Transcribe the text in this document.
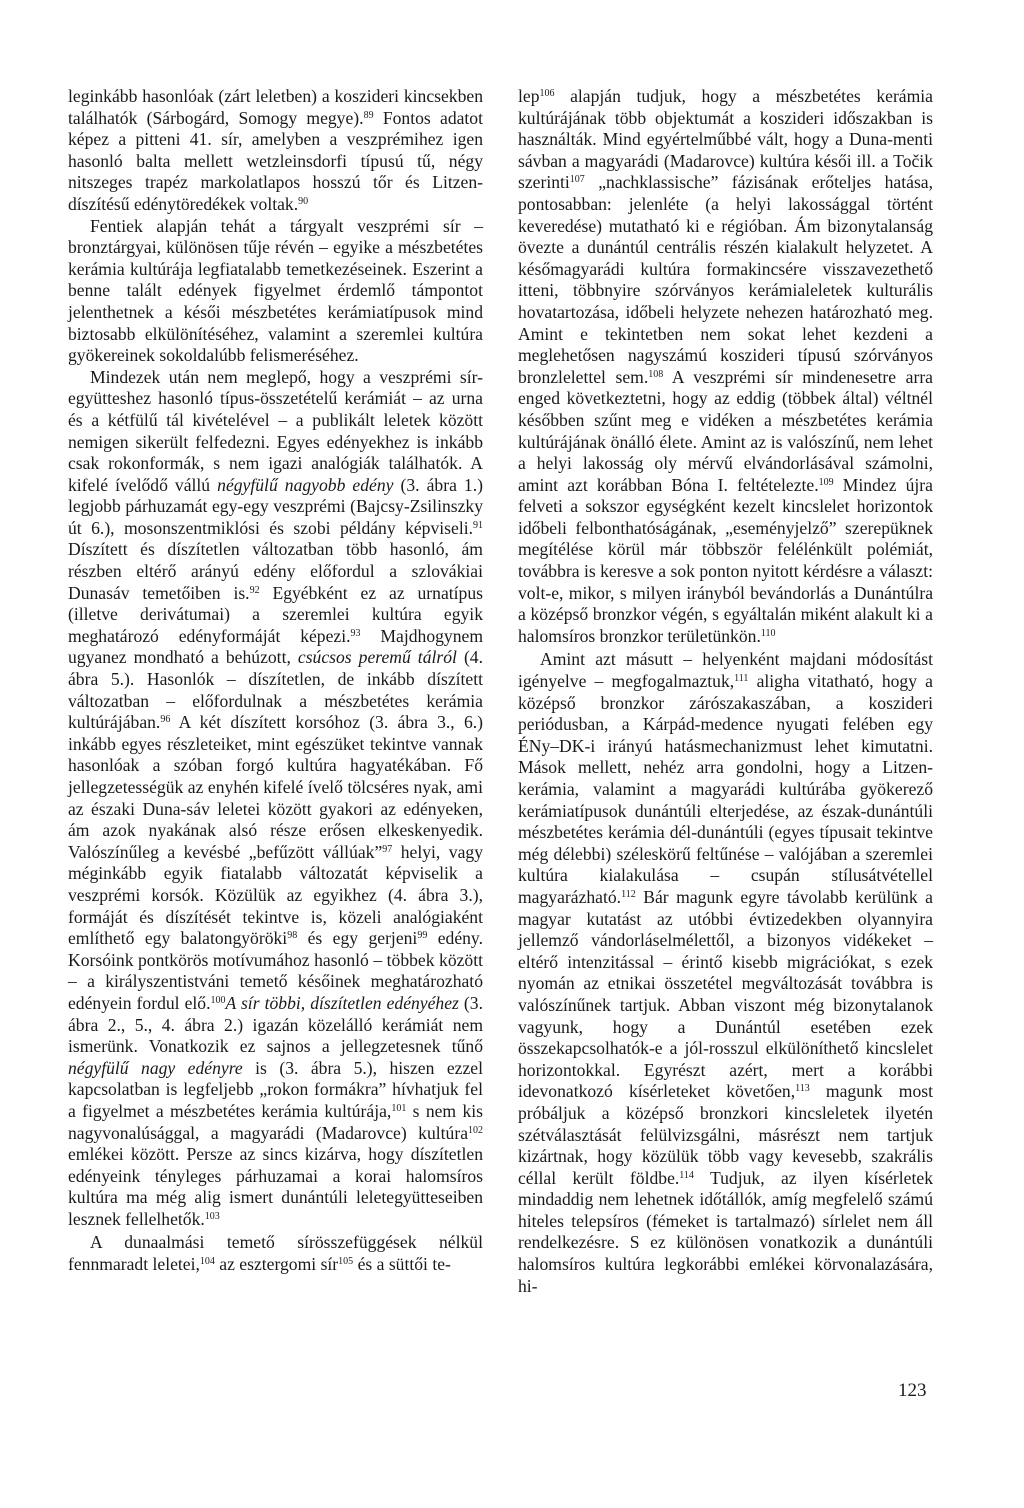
leginkább hasonlóak (zárt leletben) a koszideri kincsekben találhatók (Sárbogárd, Somogy megye).$^{89}$ Fontos adatot képez a pitteni 41. sír, amelyben a veszprémihez igen hasonló balta mellett wetzleinsdorfi típusú tű, négy nitszeges trapéz markolatlapos hosszú tőr és Litzen-díszítésű edénytöredékek voltak.$^{90}$

Fentiek alapján tehát a tárgyalt veszprémi sír – bronztárgyai, különösen tűje révén – egyike a mészbetétes kerámia kultúrája legfiatalabb temetkezéseinek. Eszerint a benne talált edények figyelmet érdemlő támpontot jelenthetnek a késői mészbetétes kerámiatípusok mind biztosabb elkülönítéséhez, valamint a szeremlei kultúra gyökereinek sokoldalúbb felismeréséhez.

Mindezek után nem meglepő, hogy a veszprémi sír-együtteshez hasonló típus-összetételű kerámiát – az urna és a kétfülű tál kivételével – a publikált leletek között nemigen sikerült felfedezni. Egyes edényekhez is inkább csak rokonformák, s nem igazi analógiák találhatók. A kifelé ívelődő vállú négyfülű nagyobb edény (3. ábra 1.) legjobb párhuzamát egy-egy veszprémi (Bajcsy-Zsilinszky út 6.), mosonszentmiklósi és szobi példány képviseli.$^{91}$ Díszített és díszítetlen változatban több hasonló, ám részben eltérő arányú edény előfordul a szlovákiai Dunasáv temetőiben is.$^{92}$ Egyébként ez az urnatípus (illetve derivátumai) a szeremlei kultúra egyik meghatározó edényformáját képezi.$^{93}$ Majdhogynem ugyanez mondható a behúzott, csúcsos peremű tálról (4. ábra 5.). Hasonlók – díszítetlen, de inkább díszített változatban – előfordulnak a mészbetétes kerámia kultúrájában.$^{96}$ A két díszített korsóhoz (3. ábra 3., 6.) inkább egyes részleteiket, mint egészüket tekintve vannak hasonlóak a szóban forgó kultúra hagyatékában. Fő jellegzetességük az enyhén kifelé ívelő tölcséres nyak, ami az északi Duna-sáv leletei között gyakori az edényeken, ám azok nyakának alsó része erősen elkeskenyedik. Valószínűleg a kevésbé „befűzött vállúak”$^{97}$ helyi, vagy méginkább egyik fiatalabb változatát képviselik a veszprémi korsók. Közülük az egyikhez (4. ábra 3.), formáját és díszítését tekintve is, közeli analógiaként említhető egy balatongyöröki$^{98}$ és egy gerjeni$^{99}$ edény. Korsóink pontkörös motívumához hasonló – többek között – a királyszentistváni temető későinek meghatározható edényein fordul elő.$^{100}$A sír többi, díszítetlen edényéhez (3. ábra 2., 5., 4. ábra 2.) igazán közelálló kerámiát nem ismerünk. Vonatkozik ez sajnos a jellegzetesnek tűnő négyfülű nagy edényre is (3. ábra 5.), hiszen ezzel kapcsolatban is legfeljebb „rokon formákra” hívhatjuk fel a figyelmet a mészbetétes kerámia kultúrája,$^{101}$ s nem kis nagyvonalúsággal, a magyarádi (Madarovce) kultúra$^{102}$ emlékei között. Persze az sincs kizárva, hogy díszítetlen edényeink tényleges párhuzamai a korai halomsíros kultúra ma még alig ismert dunántúli leletegyütteseiben lesznek fellelhetők.$^{103}$

A dunaalmási temető sírösszefüggések nélkül fennmaradt leletei,$^{104}$ az esztergomi sír$^{105}$ és a süttői te-

lep$^{106}$ alapján tudjuk, hogy a mészbetétes kerámia kultúrájának több objektumát a koszideri időszakban is használták. Mind egyértelműbbé vált, hogy a Duna-menti sávban a magyarádi (Madarovce) kultúra késői ill. a Točik szerinti$^{107}$ „nachklassische” fázisának erőteljes hatása, pontosabban: jelenléte (a helyi lakossággal történt keveredése) mutatható ki e régióban. Ám bizonytalanság övezte a dunántúl centrális részén kialakult helyzetet. A későmagyarádi kultúra formakincsére visszavezethető itteni, többnyire szórványos kerámialeletek kulturális hovatartozása, időbeli helyzete nehezen határozható meg. Amint e tekintetben nem sokat lehet kezdeni a meglehetősen nagyszámú koszideri típusú szórványos bronzlelettel sem.$^{108}$ A veszprémi sír mindenesetre arra enged következtetni, hogy az eddig (többek által) véltnél későbben szűnt meg e vidéken a mészbetétes kerámia kultúrájának önálló élete. Amint az is valószínű, nem lehet a helyi lakosság oly mérvű elvándorlásával számolni, amint azt korábban Bóna I. feltételezte.$^{109}$ Mindez újra felveti a sokszor egységként kezelt kincslelet horizontok időbeli felbonthatóságának, „eseményjelző” szerepüknek megítélése körül már többször felélénkült polémiát, továbbra is keresve a sok ponton nyitott kérdésre a választ: volt-e, mikor, s milyen irányból bevándorlás a Dunántúlra a középső bronzkor végén, s egyáltalán miként alakult ki a halomsíros bronzkor területünkön.$^{110}$

Amint azt másutt – helyenként majdani módosítást igényelve – megfogalmaztuk,$^{111}$ aligha vitatható, hogy a középső bronzkor zárószakaszában, a koszideri periódusban, a Kárpád-medence nyugati felében egy ÉNy–DK-i irányú hatásmechanizmust lehet kimutatni. Mások mellett, nehéz arra gondolni, hogy a Litzen-kerámia, valamint a magyarádi kultúrába gyökerező kerámiatípusok dunántúli elterjedése, az észak-dunántúli mészbetétes kerámia dél-dunántúli (egyes típusait tekintve még délebbi) széleskörű feltűnése – valójában a szeremlei kultúra kialakulása – csupán stílusátvétellel magyarázható.$^{112}$ Bár magunk egyre távolabb kerülünk a magyar kutatást az utóbbi évtizedekben olyannyira jellemző vándorláselmélettől, a bizonyos vidékeket – eltérő intenzitással – érintő kisebb migrációkat, s ezek nyomán az etnikai összetétel megváltozását továbbra is valószínűnek tartjuk. Abban viszont még bizonytalanok vagyunk, hogy a Dunántúl esetében ezek összekapcsolhatók-e a jól-rosszul elkülöníthető kincslelet horizontokkal. Egyrészt azért, mert a korábbi idevonatkozó kísérleteket követően,$^{113}$ magunk most próbáljuk a középső bronzkori kincsleletek ilyetén szétválasztását felülvizsgálni, másrészt nem tartjuk kizártnak, hogy közülük több vagy kevesebb, szakrális céllal került földbe.$^{114}$ Tudjuk, az ilyen kísérletek mindaddig nem lehetnek időtállók, amíg megfelelő számú hiteles telepsíros (fémeket is tartalmazó) sírlelet nem áll rendelkezésre. S ez különösen vonatkozik a dunántúli halomsíros kultúra legkorábbi emlékei körvonalazására, hi-

123
